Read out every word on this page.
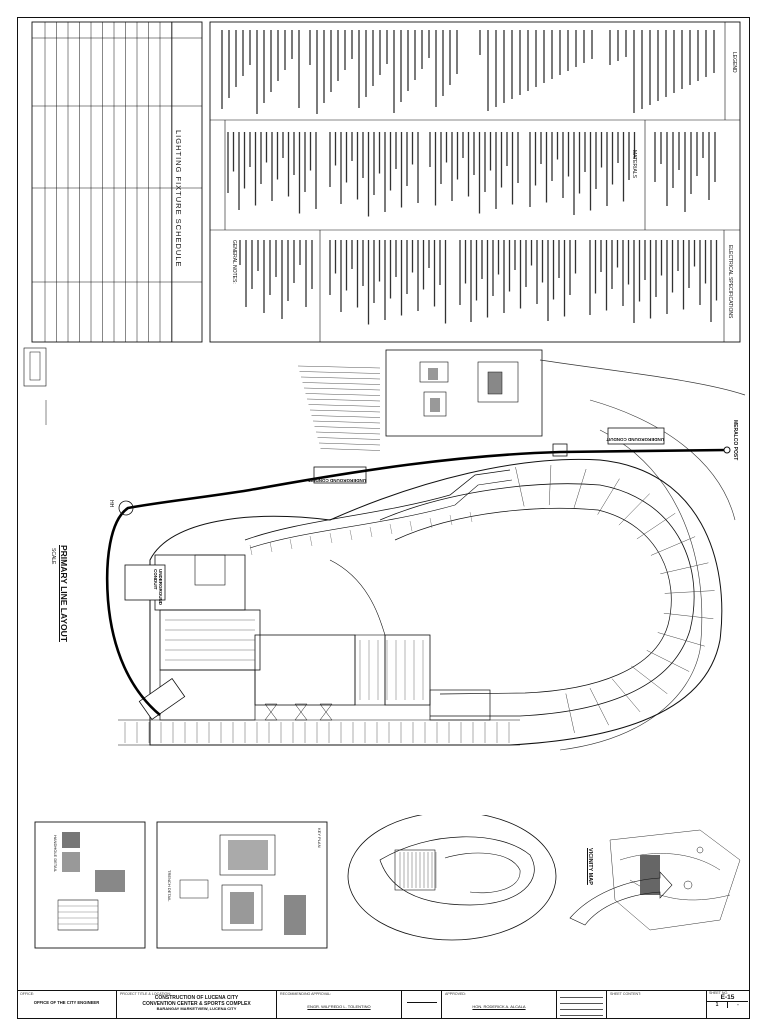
LIGHTING FIXTURE SCHEDULE
LEGEND
GENERAL NOTES:
MATERIALS
ELECTRICAL SPECIFICATIONS
PRIMARY LINE LAYOUT
SCALE
UNDERGROUND CONDUIT
UNDERGROUND CONDUIT
UNDERGROUND CONDUIT	MERALCO POST
HH
VICINITY MAP
HANDHOLE DETAIL
TRENCH DETAIL
KEY PLAN
OFFICE:
OFFICE OF THE CITY ENGINEER
PROJECT TITLE & LOCATION:
CONSTRUCTION OF LUCENA CITY
CONVENTION CENTER & SPORTS COMPLEX
BARANGAY MARKETVIEW, LUCENA CITY
RECOMMENDING APPROVAL:
ENGR. WILFREDO L. TOLENTINO
APPROVED:
HON. RODERICK A. ALCALA
SHEET CONTENT:	SHEET NO.
E-15
1	-
